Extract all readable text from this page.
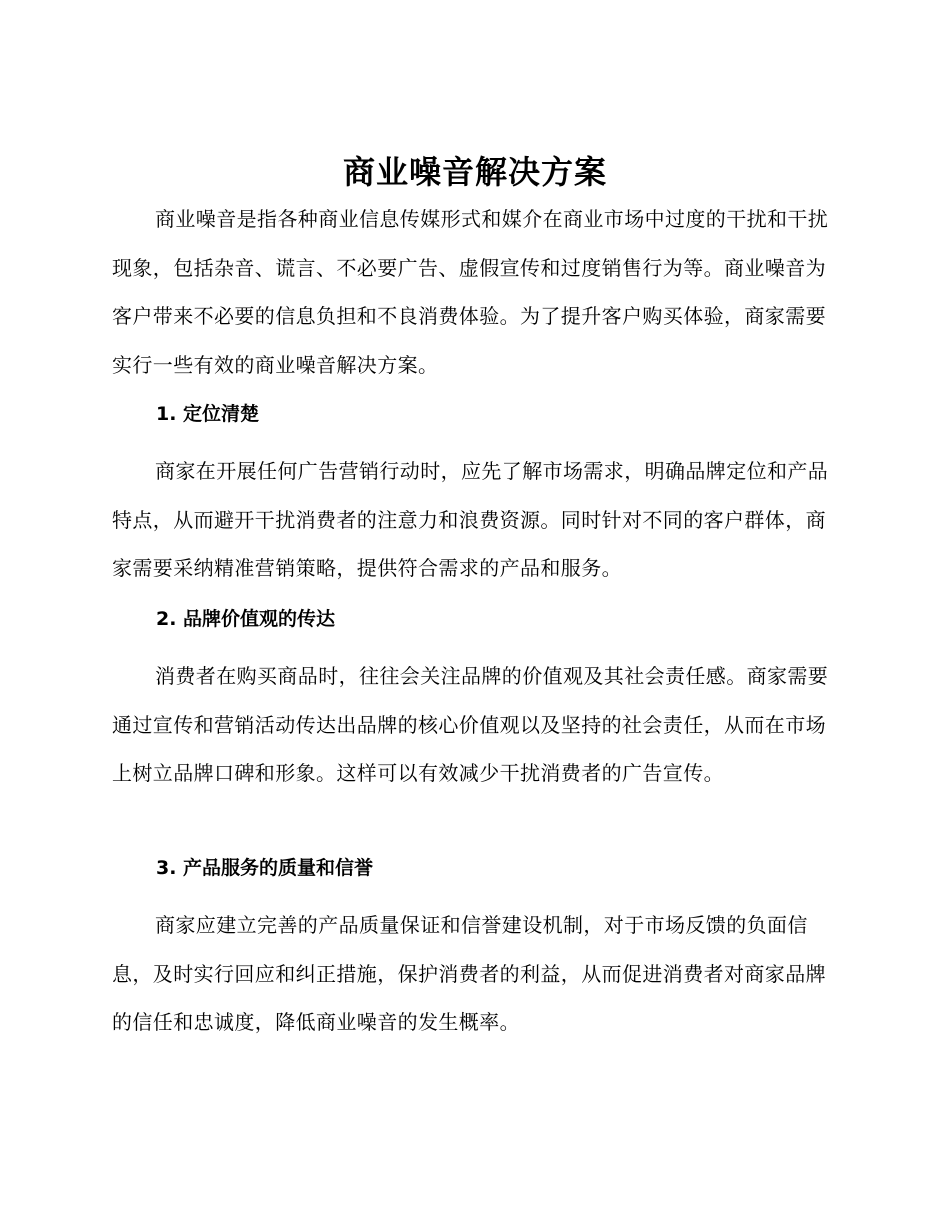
商业噪音解决方案

商业噪音是指各种商业信息传媒形式和媒介在商业市场中过度的干扰和干扰现象，包括杂音、谎言、不必要广告、虚假宣传和过度销售行为等。商业噪音为客户带来不必要的信息负担和不良消费体验。为了提升客户购买体验，商家需要实行一些有效的商业噪音解决方案。

1. 定位清楚

商家在开展任何广告营销行动时，应先了解市场需求，明确品牌定位和产品特点，从而避开干扰消费者的注意力和浪费资源。同时针对不同的客户群体，商家需要采纳精准营销策略，提供符合需求的产品和服务。

2. 品牌价值观的传达

消费者在购买商品时，往往会关注品牌的价值观及其社会责任感。商家需要通过宣传和营销活动传达出品牌的核心价值观以及坚持的社会责任，从而在市场上树立品牌口碑和形象。这样可以有效减少干扰消费者的广告宣传。

3. 产品服务的质量和信誉

商家应建立完善的产品质量保证和信誉建设机制，对于市场反馈的负面信息，及时实行回应和纠正措施，保护消费者的利益，从而促进消费者对商家品牌的信任和忠诚度，降低商业噪音的发生概率。
